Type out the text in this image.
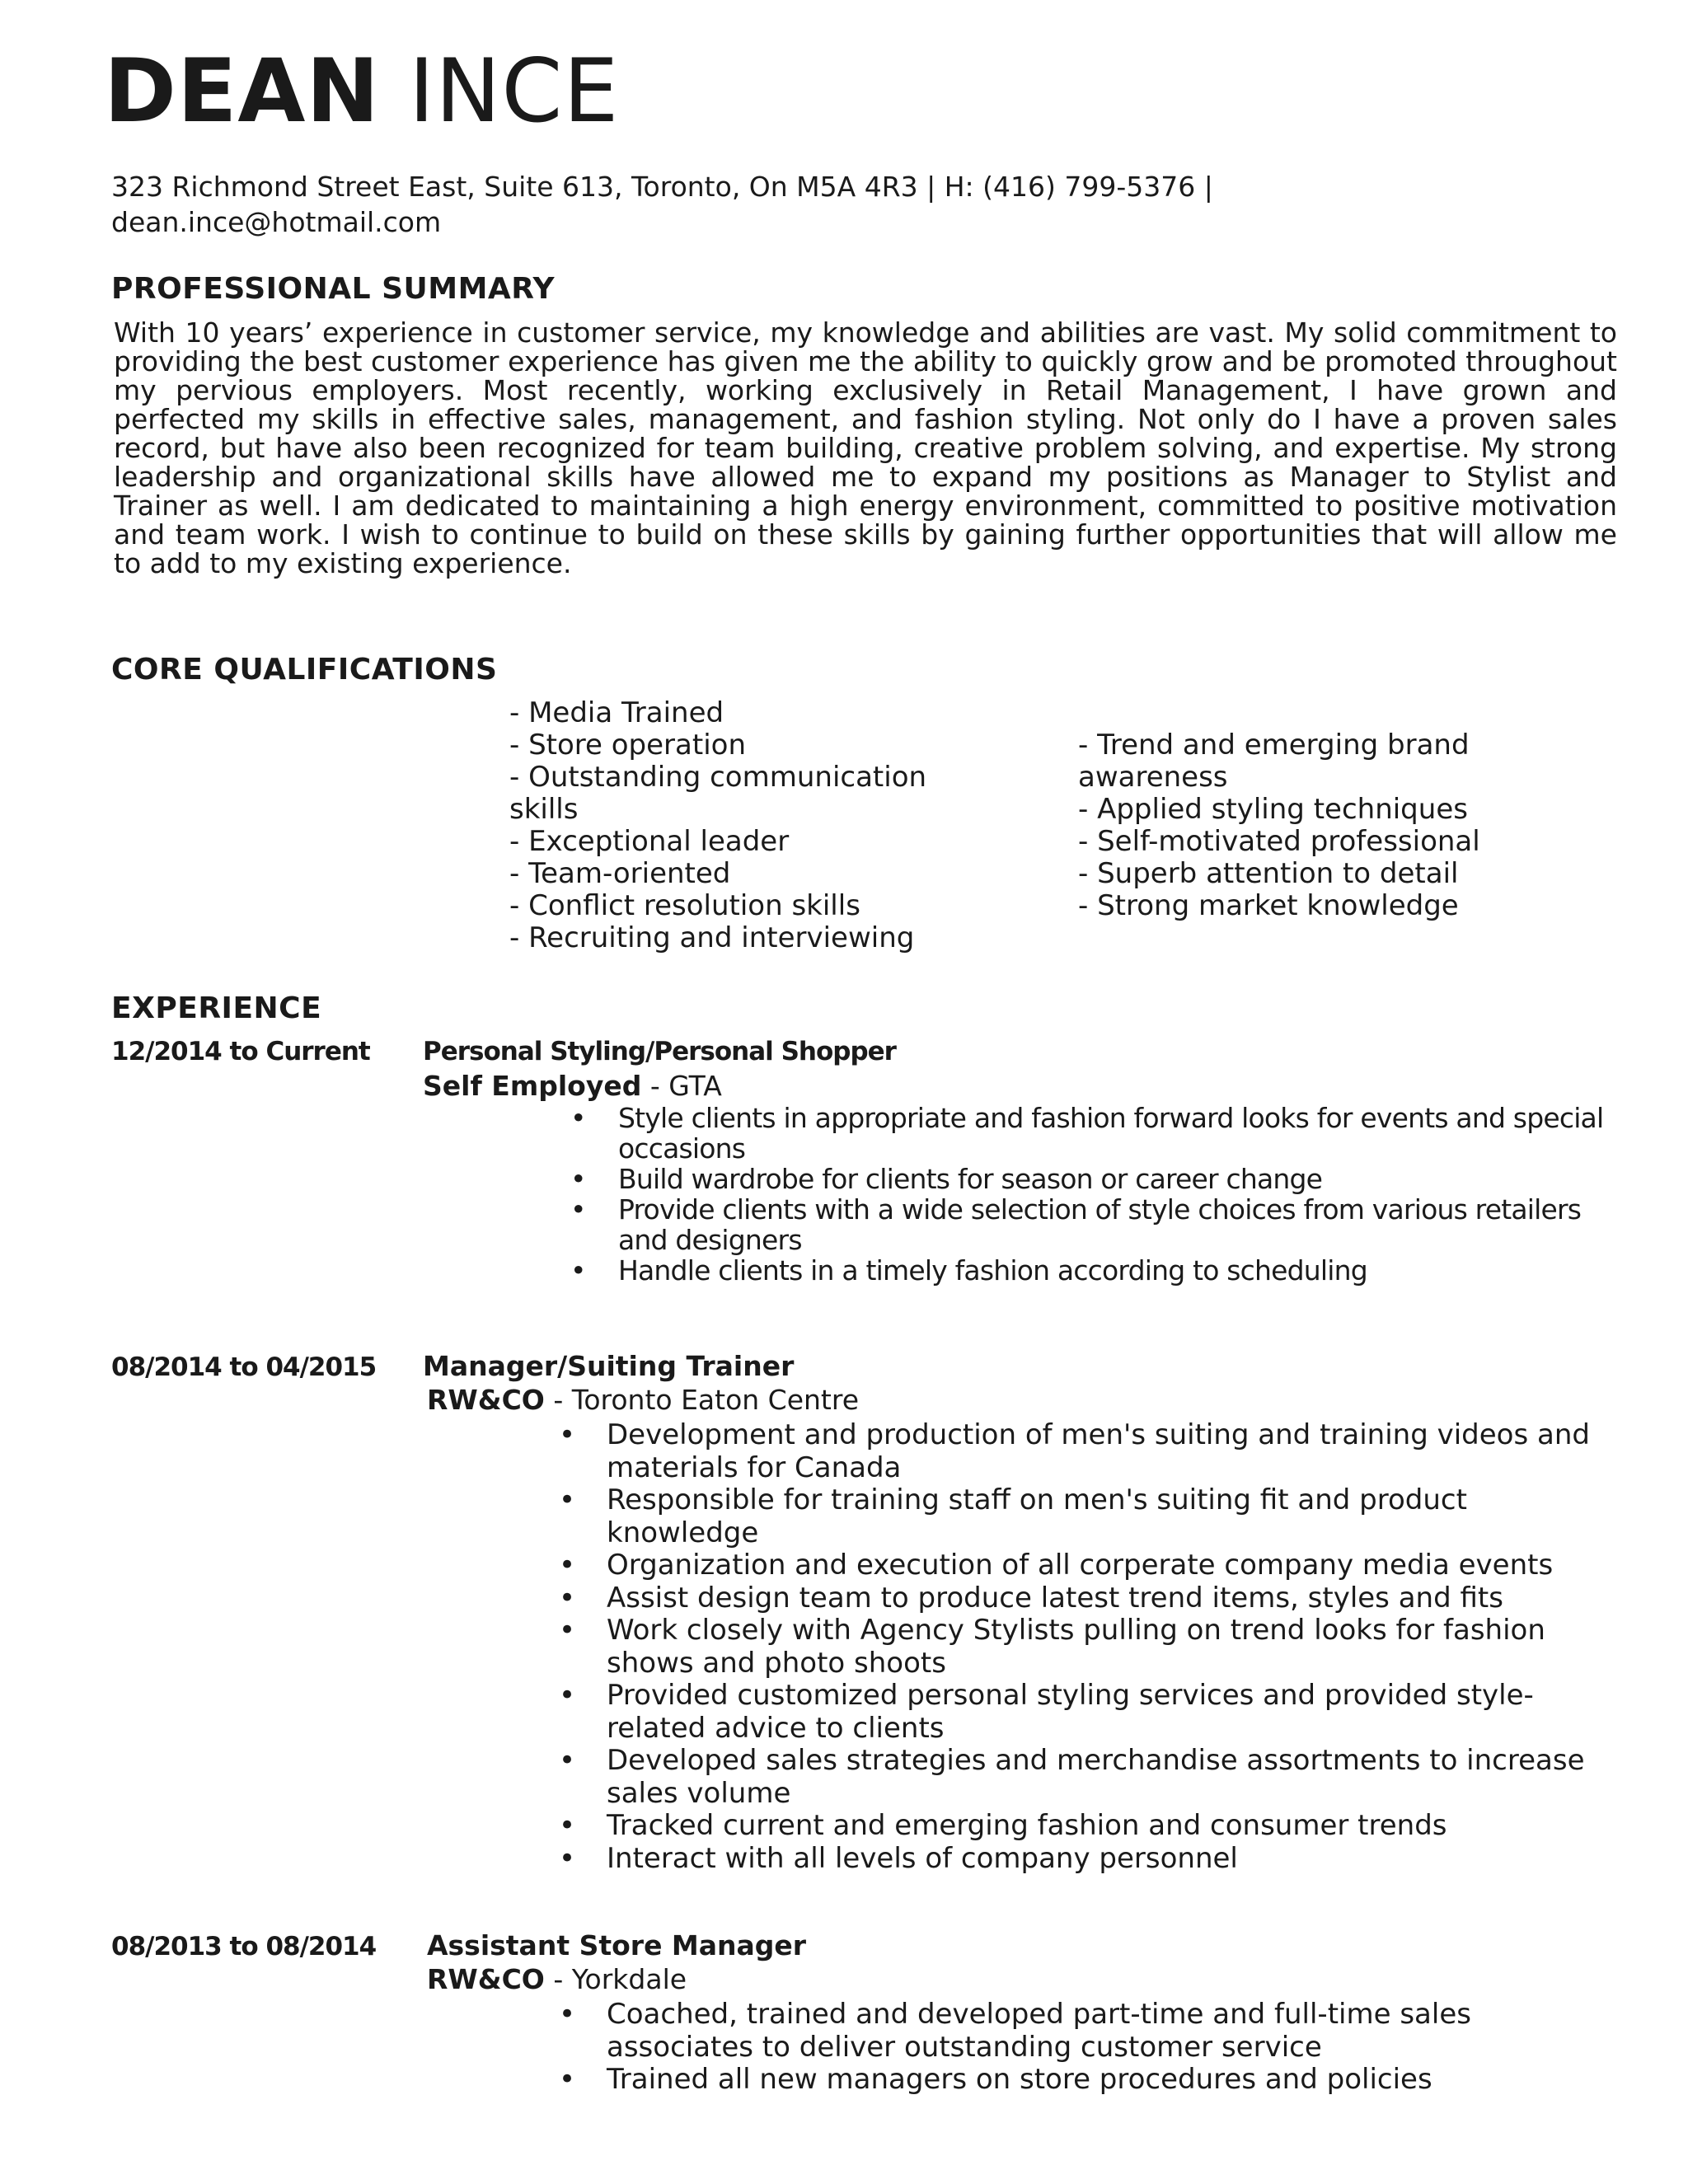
DEAN INCE
323 Richmond Street East, Suite 613, Toronto, On M5A 4R3 | H: (416) 799-5376 |
dean.ince@hotmail.com
PROFESSIONAL SUMMARY

With 10 years’ experience in customer service, my knowledge and abilities are vast. My solid commitment to providing the best customer experience has given me the ability to quickly grow and be promoted throughout my pervious employers. Most recently, working exclusively in Retail Management, I have grown and perfected my skills in effective sales, management, and fashion styling. Not only do I have a proven sales record, but have also been recognized for team building, creative problem solving, and expertise. My strong leadership and organizational skills have allowed me to expand my positions as Manager to Stylist and Trainer as well. I am dedicated to maintaining a high energy environment, committed to positive motivation and team work. I wish to continue to build on these skills by gaining further opportunities that will allow me to add to my existing experience.

CORE QUALIFICATIONS
- Media Trained
- Store operation
- Outstanding communication skills
- Exceptional leader
- Team-oriented
- Conflict resolution skills
- Recruiting and interviewing
- Trend and emerging brand awareness
- Applied styling techniques
- Self-motivated professional
- Superb attention to detail
- Strong market knowledge
EXPERIENCE
12/2014 to Current Personal Styling/Personal Shopper
Self Employed - GTA
• Style clients in appropriate and fashion forward looks for events and special occasions
• Build wardrobe for clients for season or career change
• Provide clients with a wide selection of style choices from various retailers and designers
• Handle clients in a timely fashion according to scheduling
08/2014 to 04/2015 Manager/Suiting Trainer
RW&CO - Toronto Eaton Centre
• Development and production of men's suiting and training videos and materials for Canada
• Responsible for training staff on men's suiting fit and product knowledge
• Organization and execution of all corperate company media events
• Assist design team to produce latest trend items, styles and fits
• Work closely with Agency Stylists pulling on trend looks for fashion shows and photo shoots
• Provided customized personal styling services and provided style-related advice to clients
• Developed sales strategies and merchandise assortments to increase sales volume
• Tracked current and emerging fashion and consumer trends
• Interact with all levels of company personnel
08/2013 to 08/2014 Assistant Store Manager
RW&CO - Yorkdale
• Coached, trained and developed part-time and full-time sales associates to deliver outstanding customer service
• Trained all new managers on store procedures and policies
